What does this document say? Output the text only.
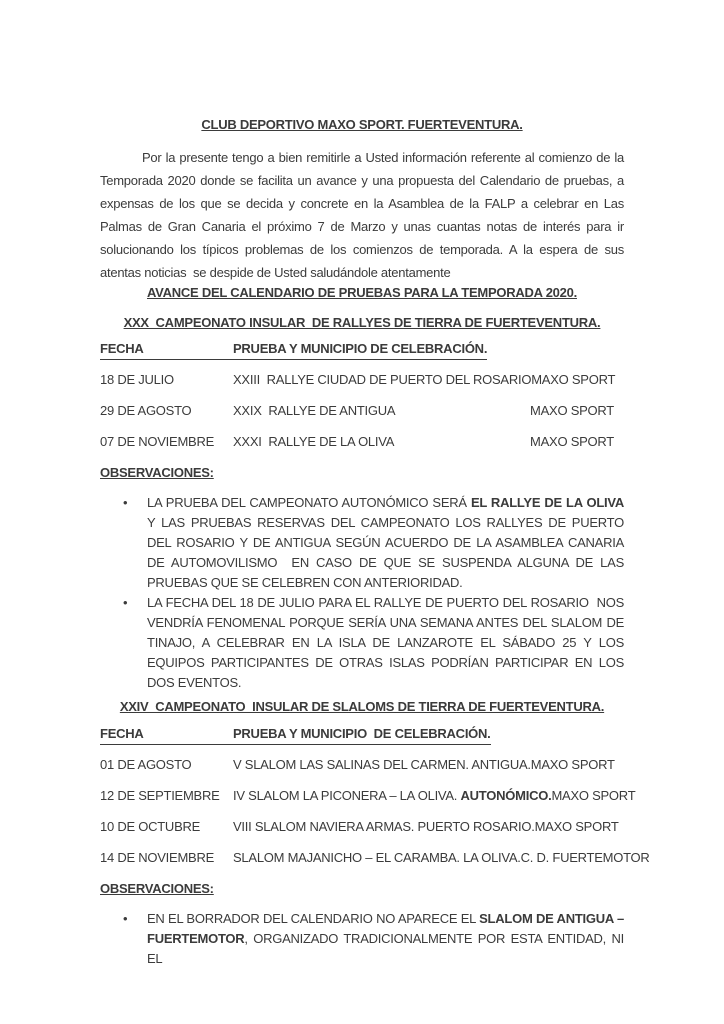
CLUB DEPORTIVO MAXO SPORT. FUERTEVENTURA.

Por la presente tengo a bien remitirle a Usted información referente al comienzo de la Temporada 2020 donde se facilita un avance y una propuesta del Calendario de pruebas, a expensas de los que se decida y concrete en la Asamblea de la FALP a celebrar en Las Palmas de Gran Canaria el próximo 7 de Marzo y unas cuantas notas de interés para ir solucionando los típicos problemas de los comienzos de temporada. A la espera de sus atentas noticias  se despide de Usted saludándole atentamente

AVANCE DEL CALENDARIO DE PRUEBAS PARA LA TEMPORADA 2020.
XXX  CAMPEONATO INSULAR  DE RALLYES DE TIERRA DE FUERTEVENTURA.
FECHA	PRUEBA Y MUNICIPIO DE CELEBRACIÓN.
18 DE JULIO	XXIII  RALLYE CIUDAD DE PUERTO DEL ROSARIO MAXO SPORT
29 DE AGOSTO	XXIX  RALLYE DE ANTIGUA	MAXO SPORT
07 DE NOVIEMBRE	XXXI  RALLYE DE LA OLIVA	MAXO SPORT
OBSERVACIONES:
•	LA PRUEBA DEL CAMPEONATO AUTONÓMICO SERÁ EL RALLYE DE LA OLIVA Y LAS PRUEBAS RESERVAS DEL CAMPEONATO LOS RALLYES DE PUERTO DEL ROSARIO Y DE ANTIGUA SEGÚN ACUERDO DE LA ASAMBLEA CANARIA DE AUTOMOVILISMO  EN CASO DE QUE SE SUSPENDA ALGUNA DE LAS PRUEBAS QUE SE CELEBREN CON ANTERIORIDAD.
•	LA FECHA DEL 18 DE JULIO PARA EL RALLYE DE PUERTO DEL ROSARIO  NOS VENDRÍA FENOMENAL PORQUE SERÍA UNA SEMANA ANTES DEL SLALOM DE TINAJO, A CELEBRAR EN LA ISLA DE LANZAROTE EL SÁBADO 25 Y LOS EQUIPOS PARTICIPANTES DE OTRAS ISLAS PODRÍAN PARTICIPAR EN LOS DOS EVENTOS.
XXIV  CAMPEONATO  INSULAR DE SLALOMS DE TIERRA DE FUERTEVENTURA.
FECHA	PRUEBA Y MUNICIPIO  DE CELEBRACIÓN.
01 DE AGOSTO	V SLALOM LAS SALINAS DEL CARMEN. ANTIGUA. MAXO SPORT
12 DE SEPTIEMBRE	IV SLALOM LA PICONERA – LA OLIVA. AUTONÓMICO. MAXO SPORT
10 DE OCTUBRE	VIII SLALOM NAVIERA ARMAS. PUERTO ROSARIO. MAXO SPORT
14 DE NOVIEMBRE	SLALOM MAJANICHO – EL CARAMBA. LA OLIVA. C. D. FUERTEMOTOR
OBSERVACIONES:
•	EN EL BORRADOR DEL CALENDARIO NO APARECE EL SLALOM DE ANTIGUA – FUERTEMOTOR, ORGANIZADO TRADICIONALMENTE POR ESTA ENTIDAD, NI EL
